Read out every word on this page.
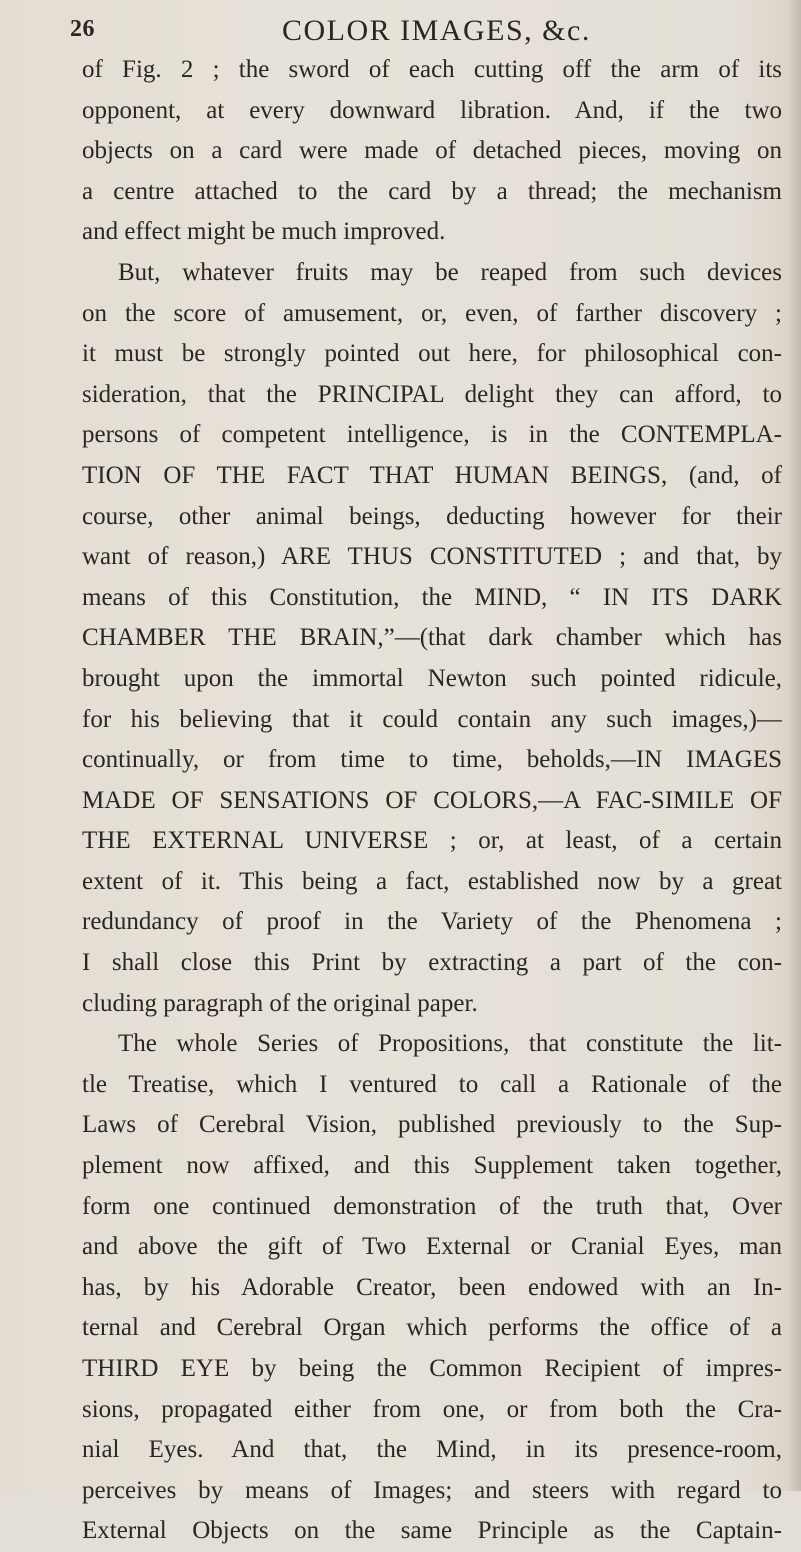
26	COLOR IMAGES, &c.
of Fig. 2 ; the sword of each cutting off the arm of its
opponent, at every downward libration. And, if the two
objects on a card were made of detached pieces, moving on
a centre attached to the card by a thread; the mechanism
and effect might be much improved.
But, whatever fruits may be reaped from such devices
on the score of amusement, or, even, of farther discovery ;
it must be strongly pointed out here, for philosophical con-
sideration, that the PRINCIPAL delight they can afford, to
persons of competent intelligence, is in the CONTEMPLA-
TION OF THE FACT THAT HUMAN BEINGS, (and, of
course, other animal beings, deducting however for their
want of reason,) ARE THUS CONSTITUTED ; and that, by
means of this Constitution, the MIND, “ IN ITS DARK
CHAMBER THE BRAIN,”—(that dark chamber which has
brought upon the immortal Newton such pointed ridicule,
for his believing that it could contain any such images,)—
continually, or from time to time, beholds,—IN IMAGES
MADE OF SENSATIONS OF COLORS,—A FAC-SIMILE OF
THE EXTERNAL UNIVERSE ; or, at least, of a certain
extent of it. This being a fact, established now by a great
redundancy of proof in the Variety of the Phenomena ;
I shall close this Print by extracting a part of the con-
cluding paragraph of the original paper.
The whole Series of Propositions, that constitute the lit-
tle Treatise, which I ventured to call a Rationale of the
Laws of Cerebral Vision, published previously to the Sup-
plement now affixed, and this Supplement taken together,
form one continued demonstration of the truth that, Over
and above the gift of Two External or Cranial Eyes, man
has, by his Adorable Creator, been endowed with an In-
ternal and Cerebral Organ which performs the office of a
THIRD EYE by being the Common Recipient of impres-
sions, propagated either from one, or from both the Cra-
nial Eyes. And that, the Mind, in its presence-room,
perceives by means of Images; and steers with regard to
External Objects on the same Principle as the Captain-
